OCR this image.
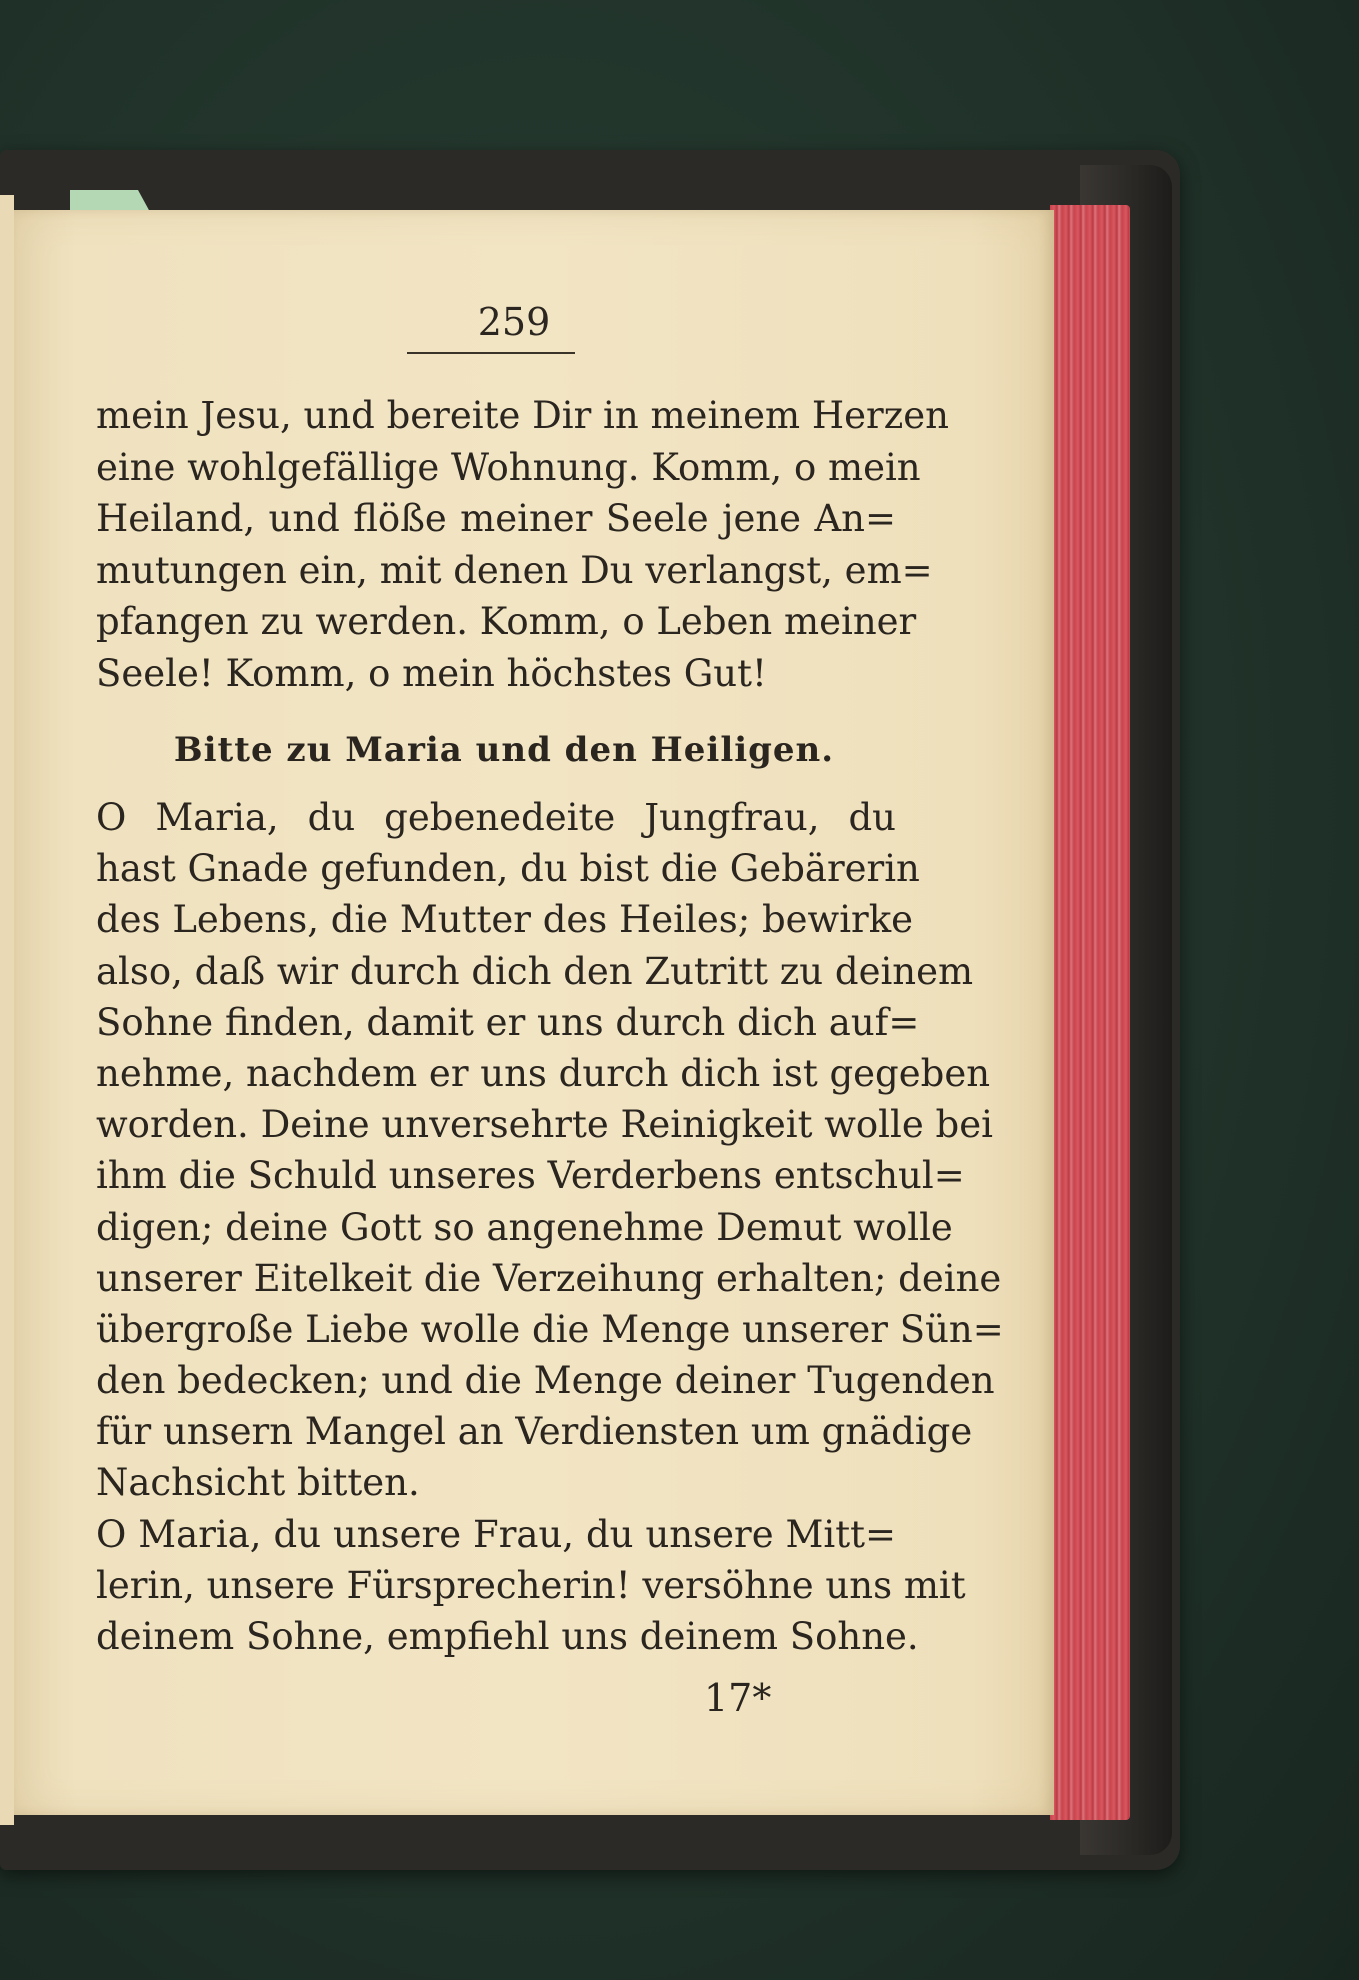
259
mein Jesu, und bereite Dir in meinem Herzen
eine wohlgefällige Wohnung. Komm, o mein
Heiland, und flöße meiner Seele jene An=
mutungen ein, mit denen Du verlangst, em=
pfangen zu werden. Komm, o Leben meiner
Seele! Komm, o mein höchstes Gut!
Bitte zu Maria und den Heiligen.
O Maria, du gebenedeite Jungfrau, du
hast Gnade gefunden, du bist die Gebärerin
des Lebens, die Mutter des Heiles; bewirke
also, daß wir durch dich den Zutritt zu deinem
Sohne finden, damit er uns durch dich auf=
nehme, nachdem er uns durch dich ist gegeben
worden. Deine unversehrte Reinigkeit wolle bei
ihm die Schuld unseres Verderbens entschul=
digen; deine Gott so angenehme Demut wolle
unserer Eitelkeit die Verzeihung erhalten; deine
übergroße Liebe wolle die Menge unserer Sün=
den bedecken; und die Menge deiner Tugenden
für unsern Mangel an Verdiensten um gnädige
Nachsicht bitten.
O Maria, du unsere Frau, du unsere Mitt=
lerin, unsere Fürsprecherin! versöhne uns mit
deinem Sohne, empfiehl uns deinem Sohne.
17*
